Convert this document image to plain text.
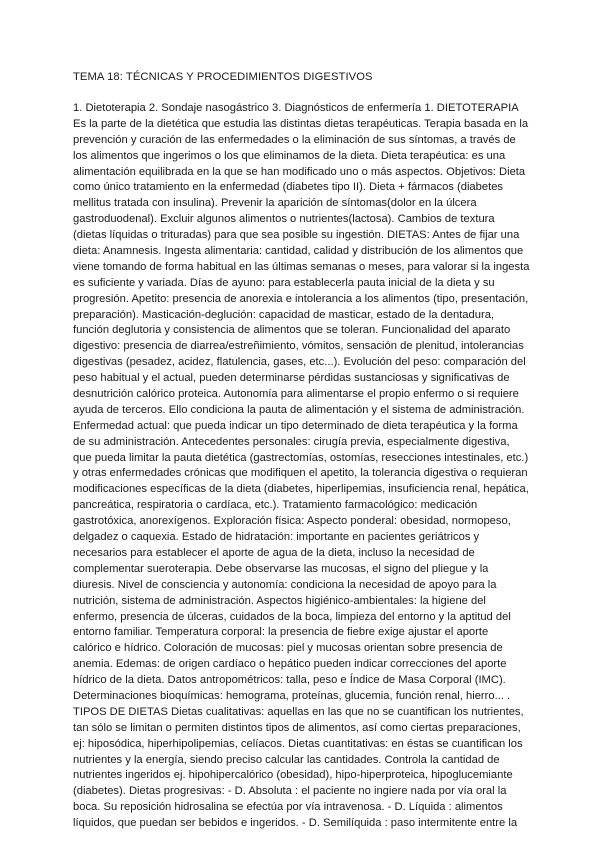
TEMA 18: TÉCNICAS Y PROCEDIMIENTOS DIGESTIVOS
1. Dietoterapia 2. Sondaje nasogástrico 3. Diagnósticos de enfermería 1. DIETOTERAPIA
Es la parte de la dietética que estudia las distintas dietas terapéuticas. Terapia basada en la
prevención y curación de las enfermedades o la eliminación de sus síntomas, a través de
los alimentos que ingerimos o los que eliminamos de la dieta. Dieta terapéutica: es una
alimentación equilibrada en la que se han modificado uno o más aspectos. Objetivos: Dieta
como único tratamiento en la enfermedad (diabetes tipo II). Dieta + fármacos (diabetes
mellitus tratada con insulina). Prevenir la aparición de síntomas(dolor en la úlcera
gastroduodenal). Excluir algunos alimentos o nutrientes(lactosa). Cambios de textura
(dietas líquidas o trituradas) para que sea posible su ingestión. DIETAS: Antes de fijar una
dieta: Anamnesis. Ingesta alimentaria: cantidad, calidad y distribución de los alimentos que
viene tomando de forma habitual en las últimas semanas o meses, para valorar si la ingesta
es suficiente y variada. Días de ayuno: para establecerla pauta inicial de la dieta y su
progresión. Apetito: presencia de anorexia e intolerancia a los alimentos (tipo, presentación,
preparación). Masticación-deglución: capacidad de masticar, estado de la dentadura,
función deglutoria y consistencia de alimentos que se toleran. Funcionalidad del aparato
digestivo: presencia de diarrea/estreñimiento, vómitos, sensación de plenitud, intolerancias
digestivas (pesadez, acidez, flatulencia, gases, etc...). Evolución del peso: comparación del
peso habitual y el actual, pueden determinarse pérdidas sustanciosas y significativas de
desnutrición calórico proteica. Autonomía para alimentarse el propio enfermo o si requiere
ayuda de terceros. Ello condiciona la pauta de alimentación y el sistema de administración.
Enfermedad actual: que pueda indicar un tipo determinado de dieta terapéutica y la forma
de su administración. Antecedentes personales: cirugía previa, especialmente digestiva,
que pueda limitar la pauta dietética (gastrectomías, ostomías, resecciones intestinales, etc.)
y otras enfermedades crónicas que modifiquen el apetito, la tolerancia digestiva o requieran
modificaciones específicas de la dieta (diabetes, hiperlipemias, insuficiencia renal, hepática,
pancreática, respiratoria o cardíaca, etc.). Tratamiento farmacológico: medicación
gastrotóxica, anorexígenos. Exploración física: Aspecto ponderal: obesidad, normopeso,
delgadez o caquexia. Estado de hidratación: importante en pacientes geriátricos y
necesarios para establecer el aporte de agua de la dieta, incluso la necesidad de
complementar sueroterapia. Debe observarse las mucosas, el signo del pliegue y la
diuresis. Nivel de consciencia y autonomía: condiciona la necesidad de apoyo para la
nutrición, sistema de administración. Aspectos higiénico-ambientales: la higiene del
enfermo, presencia de úlceras, cuidados de la boca, limpieza del entorno y la aptitud del
entorno familiar. Temperatura corporal: la presencia de fiebre exige ajustar el aporte
calórico e hídrico. Coloración de mucosas: piel y mucosas orientan sobre presencia de
anemia. Edemas: de origen cardíaco o hepático pueden indicar correcciones del aporte
hídrico de la dieta. Datos antropométricos: talla, peso e Índice de Masa Corporal (IMC).
Determinaciones bioquímicas: hemograma, proteínas, glucemia, función renal, hierro... .
TIPOS DE DIETAS Dietas cualitativas: aquellas en las que no se cuantifican los nutrientes,
tan sólo se limitan o permiten distintos tipos de alimentos, así como ciertas preparaciones,
ej: hiposódica, hiperhipolipemias, celíacos. Dietas cuantitativas: en éstas se cuantifican los
nutrientes y la energía, siendo preciso calcular las cantidades. Controla la cantidad de
nutrientes ingeridos ej. hipohipercalórico (obesidad), hipo-hiperproteica, hipoglucemiante
(diabetes). Dietas progresivas: - D. Absoluta : el paciente no ingiere nada por vía oral la
boca. Su reposición hidrosalina se efectúa por vía intravenosa. - D. Líquida : alimentos
líquidos, que puedan ser bebidos e ingeridos. - D. Semilíquida : paso intermitente entre la
